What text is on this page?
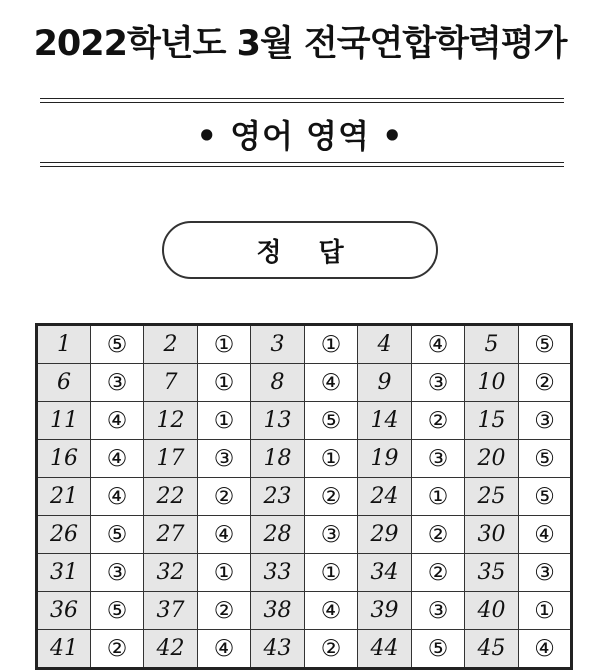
2022학년도 3월 전국연합학력평가
• 영어 영역 •
정 답
1	⑤	2	①	3	①	4	④	5	⑤
6	③	7	①	8	④	9	③	10	②
11	④	12	①	13	⑤	14	②	15	③
16	④	17	③	18	①	19	③	20	⑤
21	④	22	②	23	②	24	①	25	⑤
26	⑤	27	④	28	③	29	②	30	④
31	③	32	①	33	①	34	②	35	③
36	⑤	37	②	38	④	39	③	40	①
41	②	42	④	43	②	44	⑤	45	④
